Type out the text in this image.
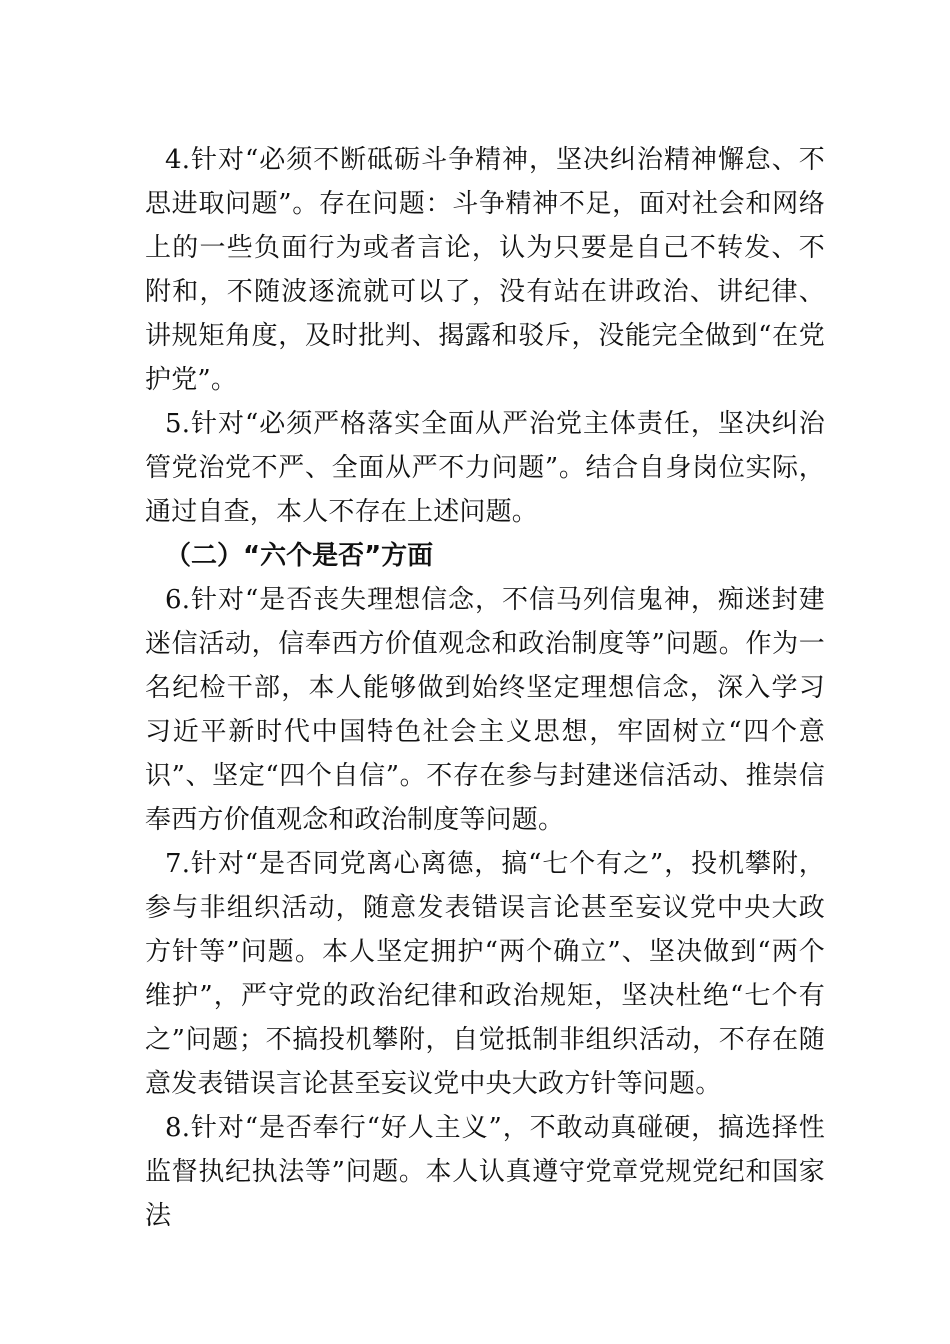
4.针对“必须不断砥砺斗争精神，坚决纠治精神懈怠、不思进取问题”。存在问题：斗争精神不足，面对社会和网络上的一些负面行为或者言论，认为只要是自己不转发、不附和，不随波逐流就可以了，没有站在讲政治、讲纪律、讲规矩角度，及时批判、揭露和驳斥，没能完全做到“在党护党”。

5.针对“必须严格落实全面从严治党主体责任，坚决纠治管党治党不严、全面从严不力问题”。结合自身岗位实际，通过自查，本人不存在上述问题。

（二）“六个是否”方面

6.针对“是否丧失理想信念，不信马列信鬼神，痴迷封建迷信活动，信奉西方价值观念和政治制度等”问题。作为一名纪检干部，本人能够做到始终坚定理想信念，深入学习习近平新时代中国特色社会主义思想，牢固树立“四个意识”、坚定“四个自信”。不存在参与封建迷信活动、推崇信奉西方价值观念和政治制度等问题。

7.针对“是否同党离心离德，搞“七个有之”，投机攀附，参与非组织活动，随意发表错误言论甚至妄议党中央大政方针等”问题。本人坚定拥护“两个确立”、坚决做到“两个维护”，严守党的政治纪律和政治规矩，坚决杜绝“七个有之”问题；不搞投机攀附，自觉抵制非组织活动，不存在随意发表错误言论甚至妄议党中央大政方针等问题。

8.针对“是否奉行“好人主义”，不敢动真碰硬，搞选择性监督执纪执法等”问题。本人认真遵守党章党规党纪和国家法
